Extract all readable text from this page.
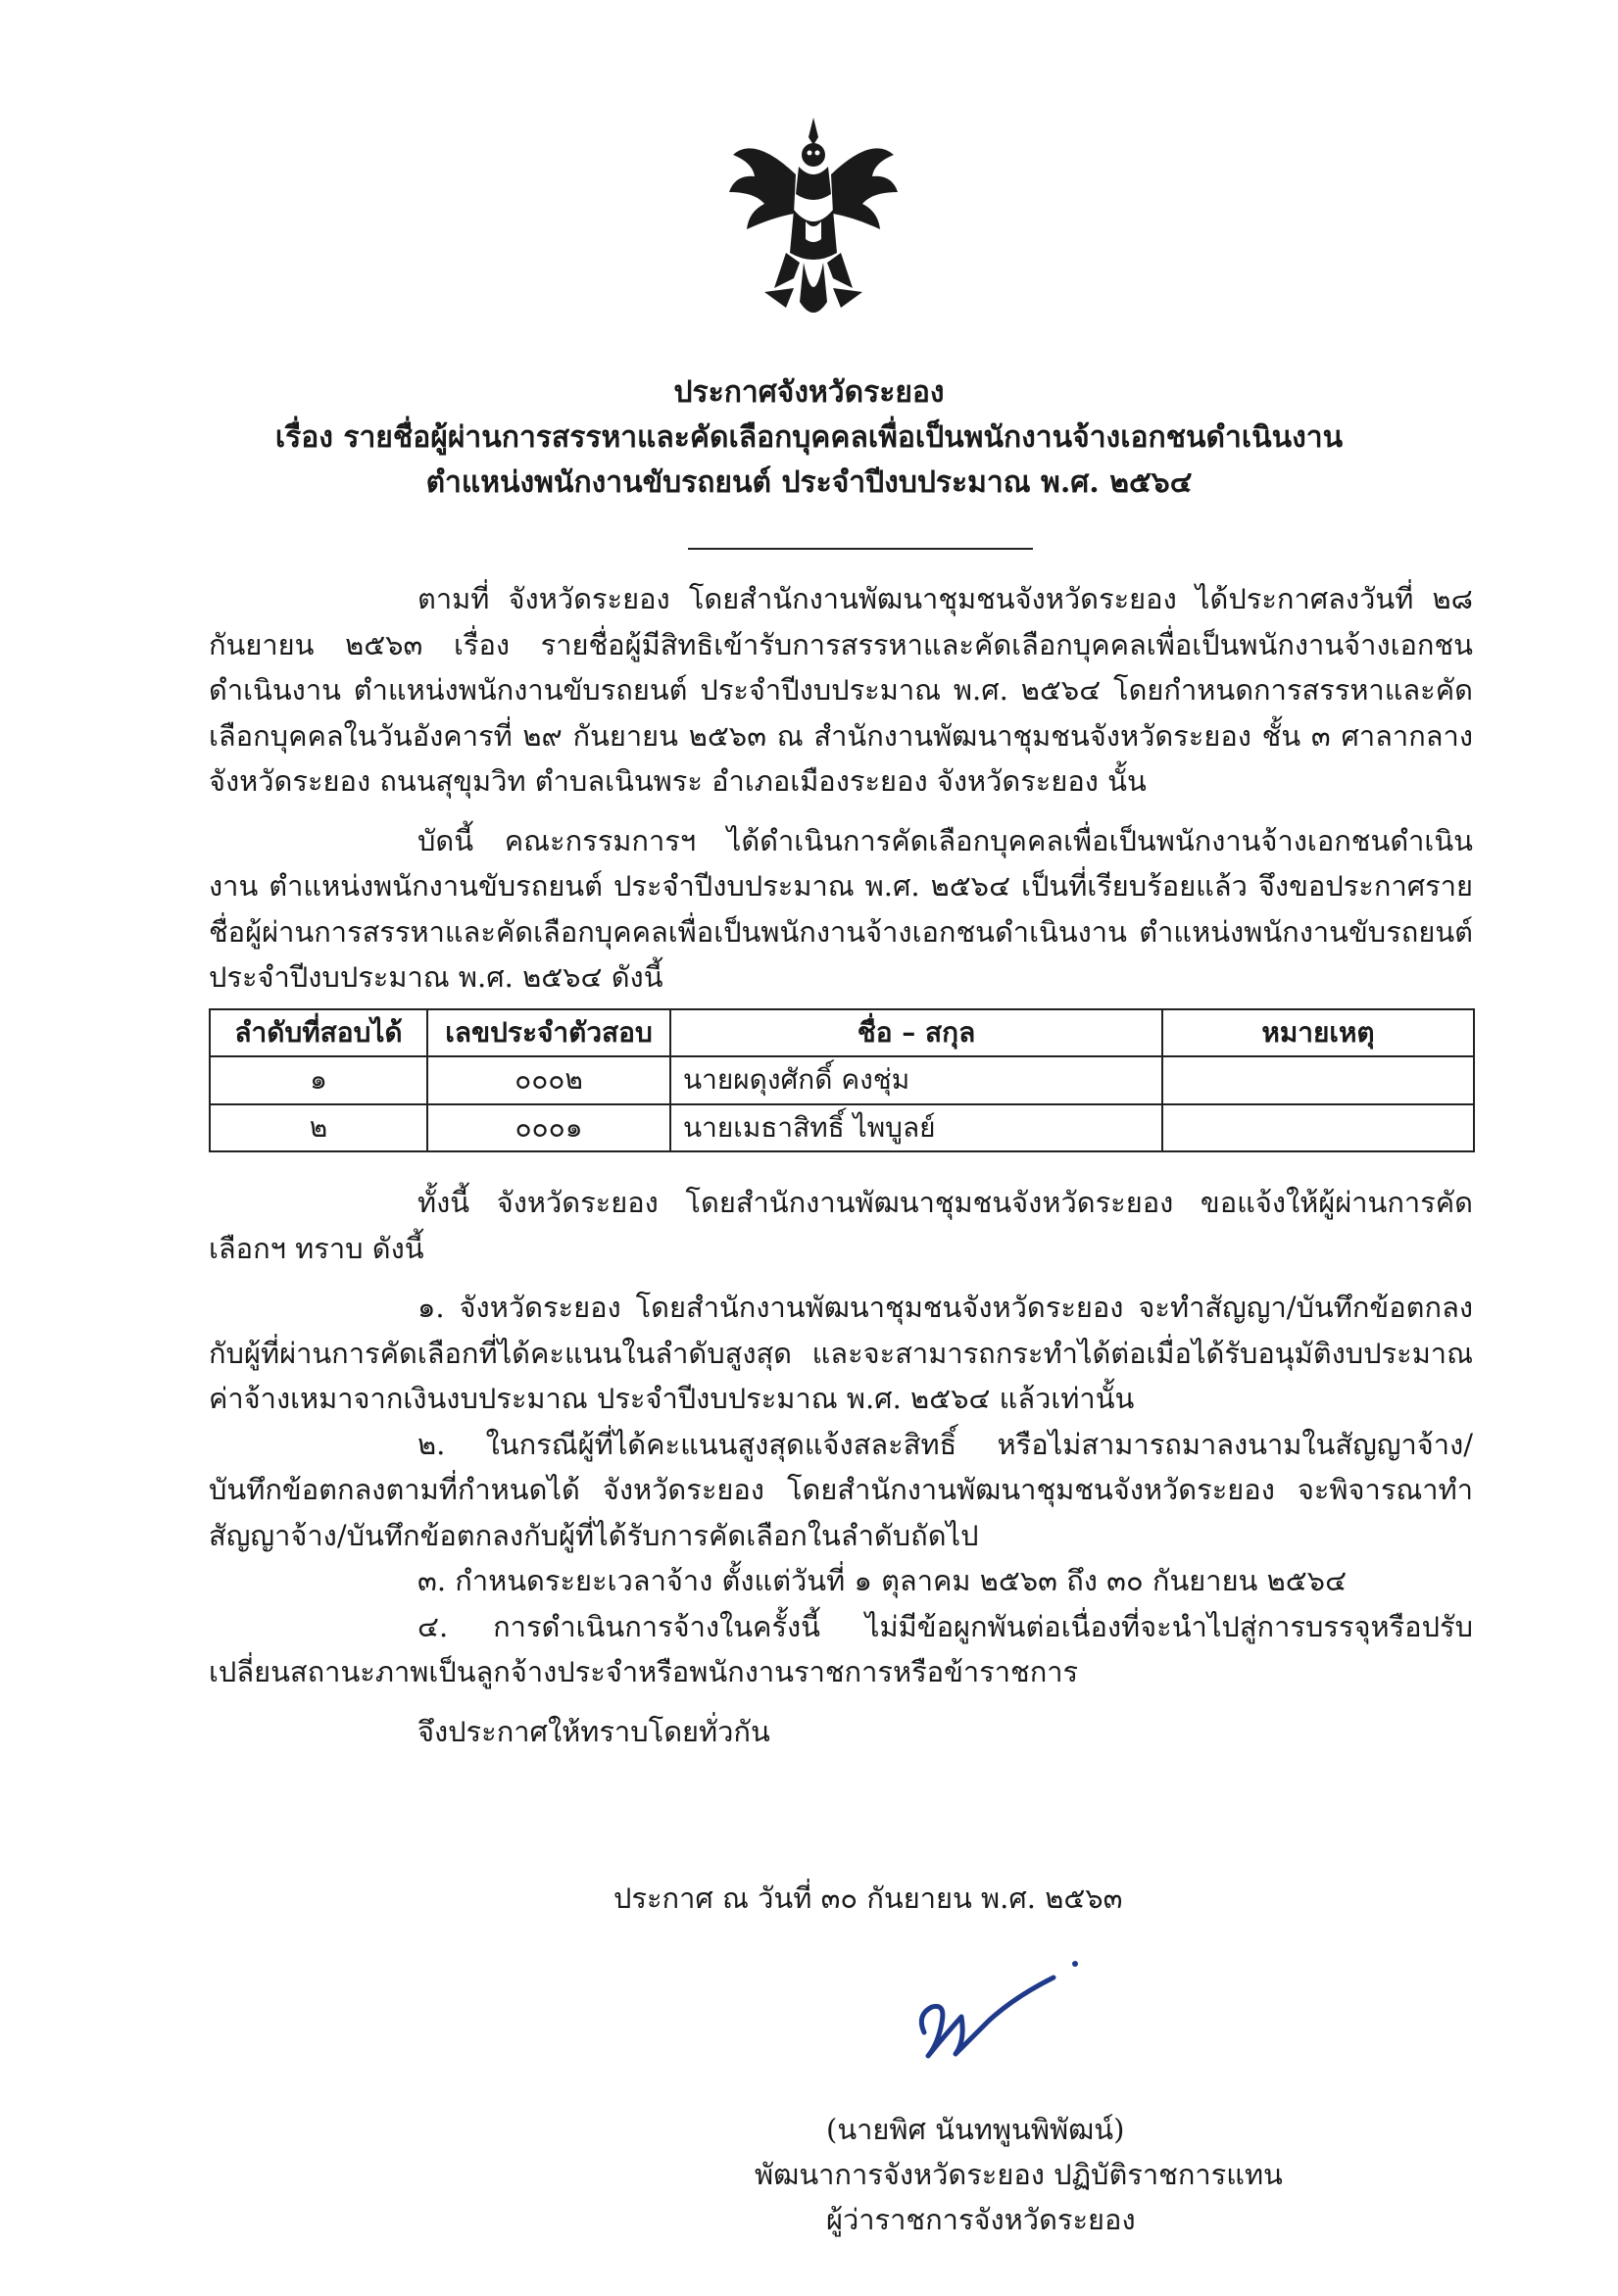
ประกาศจังหวัดระยอง

เรื่อง รายชื่อผู้ผ่านการสรรหาและคัดเลือกบุคคลเพื่อเป็นพนักงานจ้างเอกชนดำเนินงาน

ตำแหน่งพนักงานขับรถยนต์ ประจำปีงบประมาณ พ.ศ. ๒๕๖๔

ตามที่ จังหวัดระยอง โดยสำนักงานพัฒนาชุมชนจังหวัดระยอง ได้ประกาศลงวันที่ ๒๘ กันยายน ๒๕๖๓ เรื่อง รายชื่อผู้มีสิทธิเข้ารับการสรรหาและคัดเลือกบุคคลเพื่อเป็นพนักงานจ้างเอกชนดำเนินงาน ตำแหน่งพนักงานขับรถยนต์ ประจำปีงบประมาณ พ.ศ. ๒๕๖๔ โดยกำหนดการสรรหาและคัดเลือกบุคคลในวันอังคารที่ ๒๙ กันยายน ๒๕๖๓ ณ สำนักงานพัฒนาชุมชนจังหวัดระยอง ชั้น ๓ ศาลากลางจังหวัดระยอง ถนนสุขุมวิท ตำบลเนินพระ อำเภอเมืองระยอง จังหวัดระยอง นั้น

บัดนี้ คณะกรรมการฯ ได้ดำเนินการคัดเลือกบุคคลเพื่อเป็นพนักงานจ้างเอกชนดำเนินงาน ตำแหน่งพนักงานขับรถยนต์ ประจำปีงบประมาณ พ.ศ. ๒๕๖๔ เป็นที่เรียบร้อยแล้ว จึงขอประกาศรายชื่อผู้ผ่านการสรรหาและคัดเลือกบุคคลเพื่อเป็นพนักงานจ้างเอกชนดำเนินงาน ตำแหน่งพนักงานขับรถยนต์ ประจำปีงบประมาณ พ.ศ. ๒๕๖๔ ดังนี้

ลำดับที่สอบได้	เลขประจำตัวสอบ	ชื่อ – สกุล	หมายเหตุ
๑	๐๐๐๒	นายผดุงศักดิ์ คงชุ่ม	
๒	๐๐๐๑	นายเมธาสิทธิ์ ไพบูลย์	

ทั้งนี้ จังหวัดระยอง โดยสำนักงานพัฒนาชุมชนจังหวัดระยอง ขอแจ้งให้ผู้ผ่านการคัดเลือกฯ ทราบ ดังนี้

๑. จังหวัดระยอง โดยสำนักงานพัฒนาชุมชนจังหวัดระยอง จะทำสัญญา/บันทึกข้อตกลงกับผู้ที่ผ่านการคัดเลือกที่ได้คะแนนในลำดับสูงสุด และจะสามารถกระทำได้ต่อเมื่อได้รับอนุมัติงบประมาณค่าจ้างเหมาจากเงินงบประมาณ ประจำปีงบประมาณ พ.ศ. ๒๕๖๔ แล้วเท่านั้น

๒. ในกรณีผู้ที่ได้คะแนนสูงสุดแจ้งสละสิทธิ์ หรือไม่สามารถมาลงนามในสัญญาจ้าง/บันทึกข้อตกลงตามที่กำหนดได้ จังหวัดระยอง โดยสำนักงานพัฒนาชุมชนจังหวัดระยอง จะพิจารณาทำสัญญาจ้าง/บันทึกข้อตกลงกับผู้ที่ได้รับการคัดเลือกในลำดับถัดไป

๓. กำหนดระยะเวลาจ้าง ตั้งแต่วันที่ ๑ ตุลาคม ๒๕๖๓ ถึง ๓๐ กันยายน ๒๕๖๔

๔. การดำเนินการจ้างในครั้งนี้ ไม่มีข้อผูกพันต่อเนื่องที่จะนำไปสู่การบรรจุหรือปรับเปลี่ยนสถานะภาพเป็นลูกจ้างประจำหรือพนักงานราชการหรือข้าราชการ

จึงประกาศให้ทราบโดยทั่วกัน

ประกาศ ณ วันที่ ๓๐ กันยายน พ.ศ. ๒๕๖๓
(นายพิศ นันทพูนพิพัฒน์)
พัฒนาการจังหวัดระยอง ปฏิบัติราชการแทน
ผู้ว่าราชการจังหวัดระยอง
